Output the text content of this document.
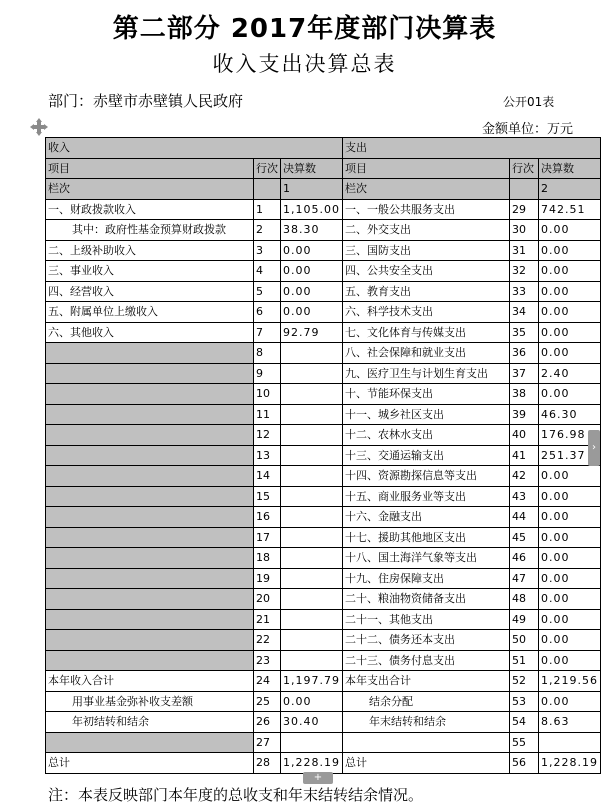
第二部分 2017年度部门决算表
收入支出决算总表
部门：赤壁市赤壁镇人民政府	公开01表
金额单位：万元
收入			支出		
项目	行次	决算数	项目	行次	决算数
栏次		1	栏次		2
一、财政拨款收入	1	1,105.00	一、一般公共服务支出	29	742.51
其中：政府性基金预算财政拨款	2	38.30	二、外交支出	30	0.00
二、上级补助收入	3	0.00	三、国防支出	31	0.00
三、事业收入	4	0.00	四、公共安全支出	32	0.00
四、经营收入	5	0.00	五、教育支出	33	0.00
五、附属单位上缴收入	6	0.00	六、科学技术支出	34	0.00
六、其他收入	7	92.79	七、文化体育与传媒支出	35	0.00
	8		八、社会保障和就业支出	36	0.00
	9		九、医疗卫生与计划生育支出	37	2.40
	10		十、节能环保支出	38	0.00
	11		十一、城乡社区支出	39	46.30
	12		十二、农林水支出	40	176.98
	13		十三、交通运输支出	41	251.37
	14		十四、资源勘探信息等支出	42	0.00
	15		十五、商业服务业等支出	43	0.00
	16		十六、金融支出	44	0.00
	17		十七、援助其他地区支出	45	0.00
	18		十八、国土海洋气象等支出	46	0.00
	19		十九、住房保障支出	47	0.00
	20		二十、粮油物资储备支出	48	0.00
	21		二十一、其他支出	49	0.00
	22		二十二、债务还本支出	50	0.00
	23		二十三、债务付息支出	51	0.00
本年收入合计	24	1,197.79	本年支出合计	52	1,219.56
用事业基金弥补收支差额	25	0.00	结余分配	53	0.00
年初结转和结余	26	30.40	年末结转和结余	54	8.63
	27			55	
总计	28	1,228.19	总计	56	1,228.19
›
+
注：本表反映部门本年度的总收支和年末结转结余情况。
